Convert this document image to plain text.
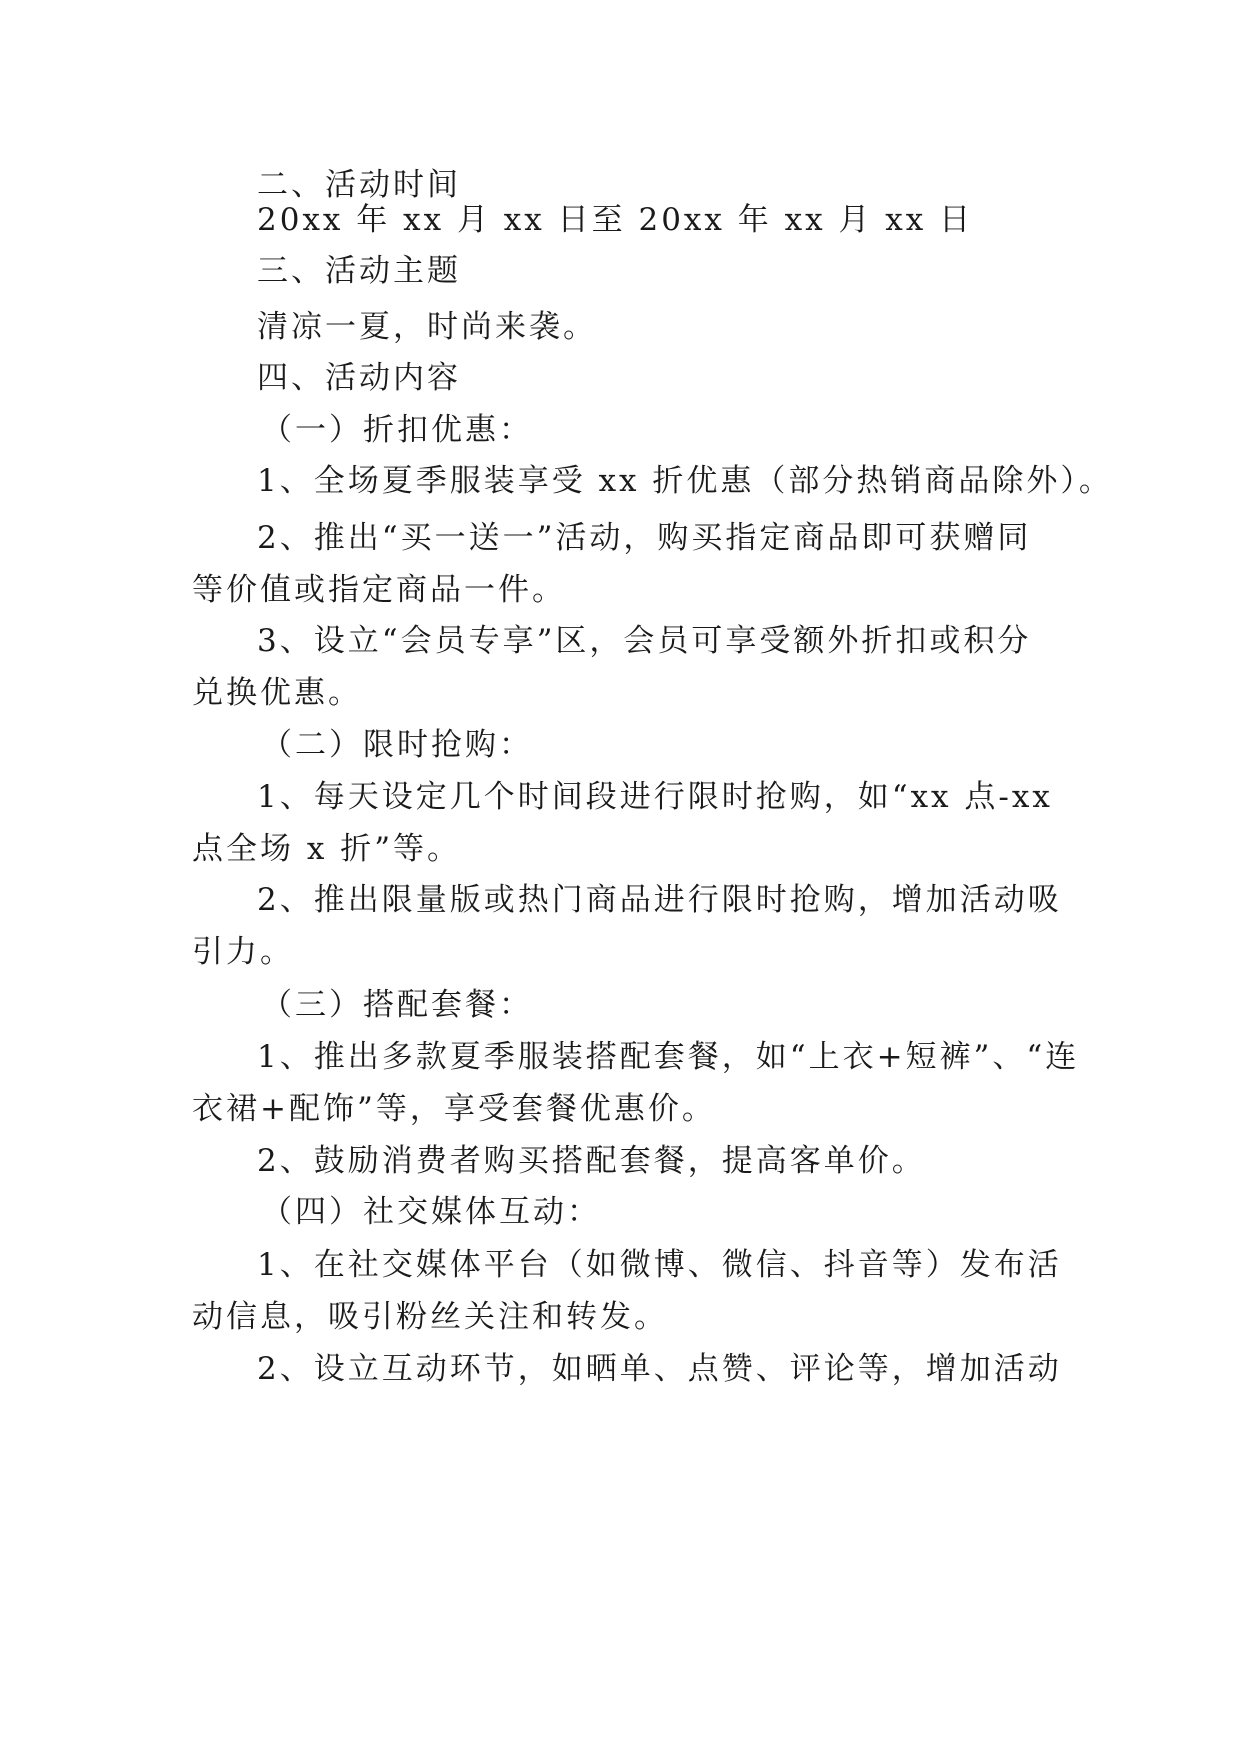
二、活动时间
20xx 年 xx 月 xx 日至 20xx 年 xx 月 xx 日
三、活动主题
清凉一夏，时尚来袭。
四、活动内容
（一）折扣优惠：
1、全场夏季服装享受 xx 折优惠（部分热销商品除外）。
2、推出“买一送一”活动，购买指定商品即可获赠同
等价值或指定商品一件。
3、设立“会员专享”区，会员可享受额外折扣或积分
兑换优惠。
（二）限时抢购：
1、每天设定几个时间段进行限时抢购，如“xx 点-xx
点全场 x 折”等。
2、推出限量版或热门商品进行限时抢购，增加活动吸
引力。
（三）搭配套餐：
1、推出多款夏季服装搭配套餐，如“上衣+短裤”、“连
衣裙+配饰”等，享受套餐优惠价。
2、鼓励消费者购买搭配套餐，提高客单价。
（四）社交媒体互动：
1、在社交媒体平台（如微博、微信、抖音等）发布活
动信息，吸引粉丝关注和转发。
2、设立互动环节，如晒单、点赞、评论等，增加活动
